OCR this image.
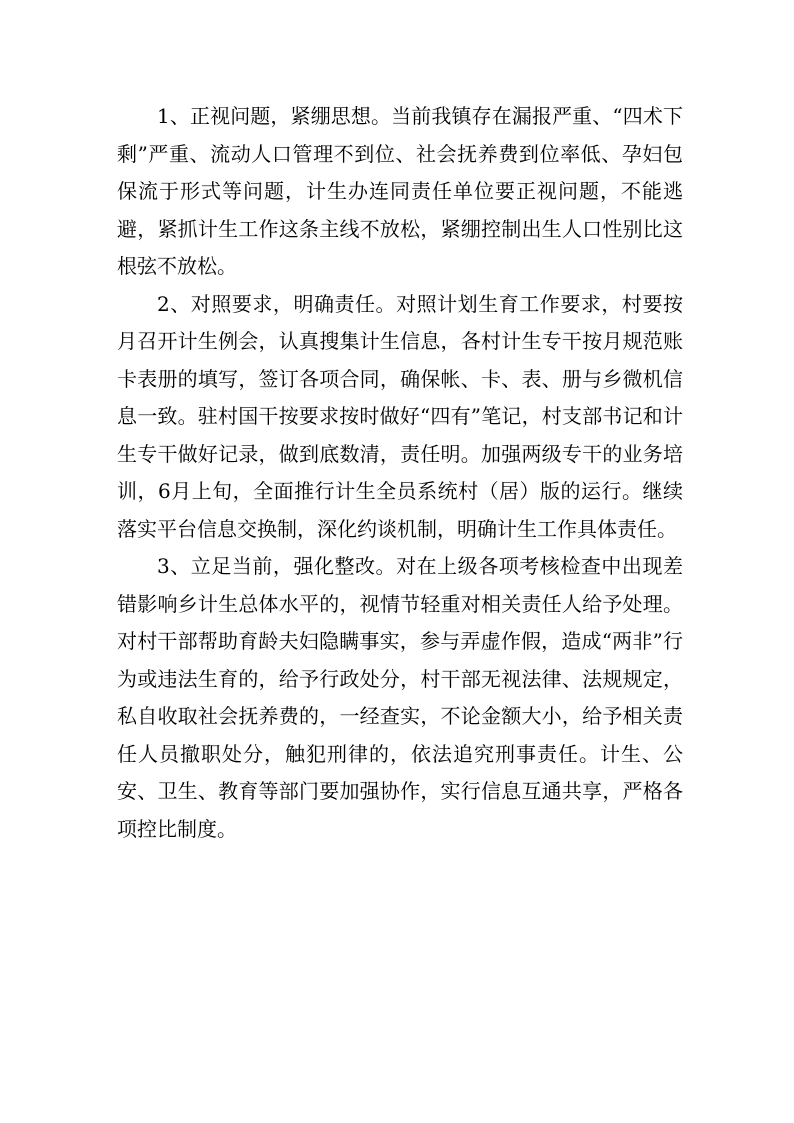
1、正视问题，紧绷思想。当前我镇存在漏报严重、“四术下剩”严重、流动人口管理不到位、社会抚养费到位率低、孕妇包保流于形式等问题，计生办连同责任单位要正视问题，不能逃避，紧抓计生工作这条主线不放松，紧绷控制出生人口性别比这根弦不放松。

2、对照要求，明确责任。对照计划生育工作要求，村要按月召开计生例会，认真搜集计生信息，各村计生专干按月规范账卡表册的填写，签订各项合同，确保帐、卡、表、册与乡微机信息一致。驻村国干按要求按时做好“四有”笔记，村支部书记和计生专干做好记录，做到底数清，责任明。加强两级专干的业务培训，6月上旬，全面推行计生全员系统村（居）版的运行。继续落实平台信息交换制，深化约谈机制，明确计生工作具体责任。

3、立足当前，强化整改。对在上级各项考核检查中出现差错影响乡计生总体水平的，视情节轻重对相关责任人给予处理。对村干部帮助育龄夫妇隐瞒事实，参与弄虚作假，造成“两非”行为或违法生育的，给予行政处分，村干部无视法律、法规规定，私自收取社会抚养费的，一经查实，不论金额大小，给予相关责任人员撤职处分，触犯刑律的，依法追究刑事责任。计生、公安、卫生、教育等部门要加强协作，实行信息互通共享，严格各项控比制度。
